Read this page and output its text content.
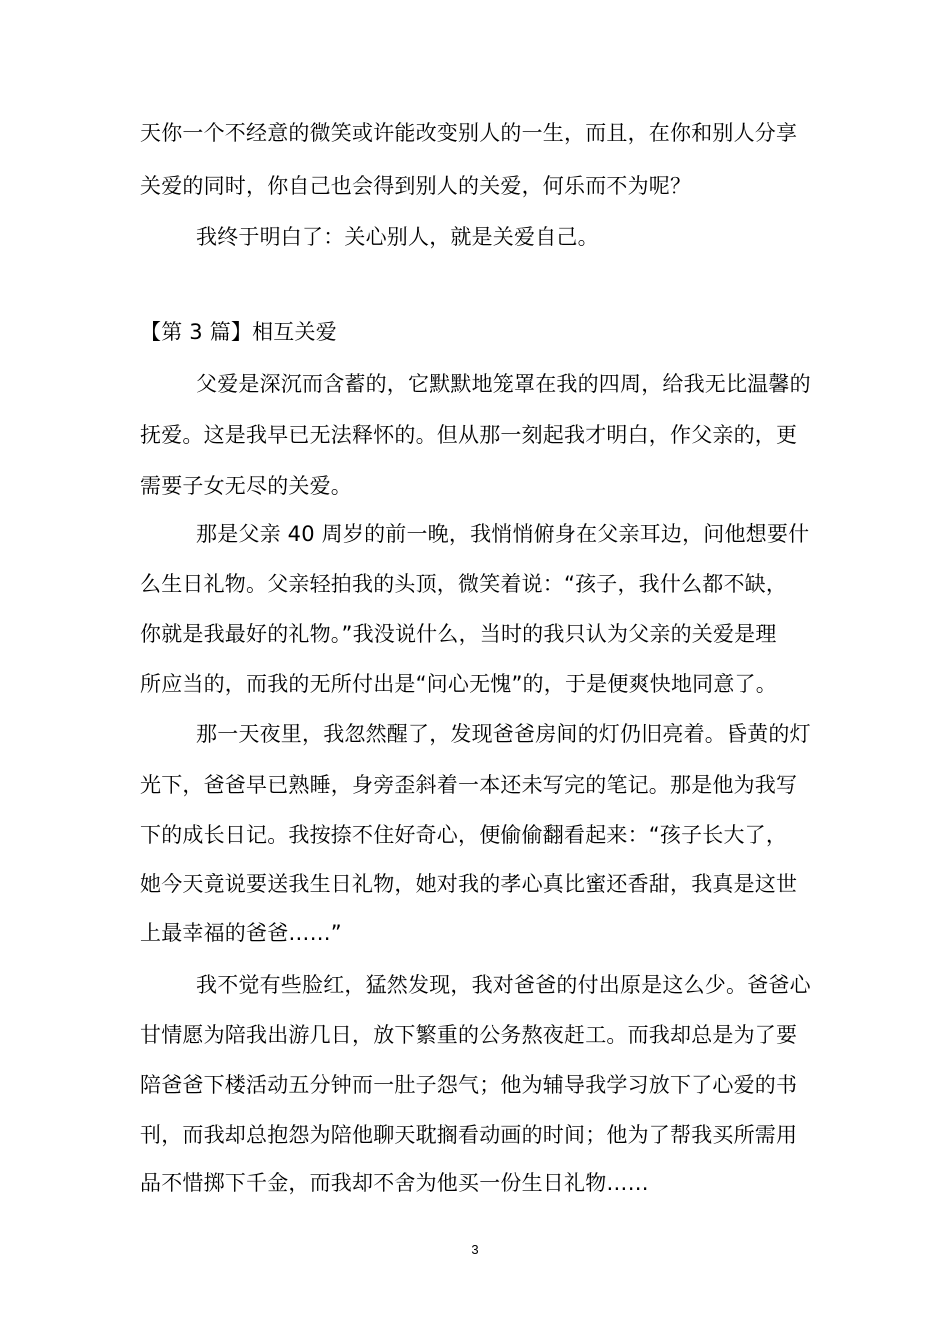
天你一个不经意的微笑或许能改变别人的一生，而且，在你和别人分享
关爱的同时，你自己也会得到别人的关爱，何乐而不为呢？
我终于明白了：关心别人，就是关爱自己。
【第 3 篇】相互关爱
父爱是深沉而含蓄的，它默默地笼罩在我的四周，给我无比温馨的
抚爱。这是我早已无法释怀的。但从那一刻起我才明白，作父亲的，更
需要子女无尽的关爱。
那是父亲 40 周岁的前一晚，我悄悄俯身在父亲耳边，问他想要什
么生日礼物。父亲轻拍我的头顶，微笑着说：“孩子，我什么都不缺，
你就是我最好的礼物。”我没说什么，当时的我只认为父亲的关爱是理
所应当的，而我的无所付出是“问心无愧”的，于是便爽快地同意了。
那一天夜里，我忽然醒了，发现爸爸房间的灯仍旧亮着。昏黄的灯
光下，爸爸早已熟睡，身旁歪斜着一本还未写完的笔记。那是他为我写
下的成长日记。我按捺不住好奇心，便偷偷翻看起来：“孩子长大了，
她今天竟说要送我生日礼物，她对我的孝心真比蜜还香甜，我真是这世
上最幸福的爸爸……”
我不觉有些脸红，猛然发现，我对爸爸的付出原是这么少。爸爸心
甘情愿为陪我出游几日，放下繁重的公务熬夜赶工。而我却总是为了要
陪爸爸下楼活动五分钟而一肚子怨气；他为辅导我学习放下了心爱的书
刊，而我却总抱怨为陪他聊天耽搁看动画的时间；他为了帮我买所需用
品不惜掷下千金，而我却不舍为他买一份生日礼物……
3
